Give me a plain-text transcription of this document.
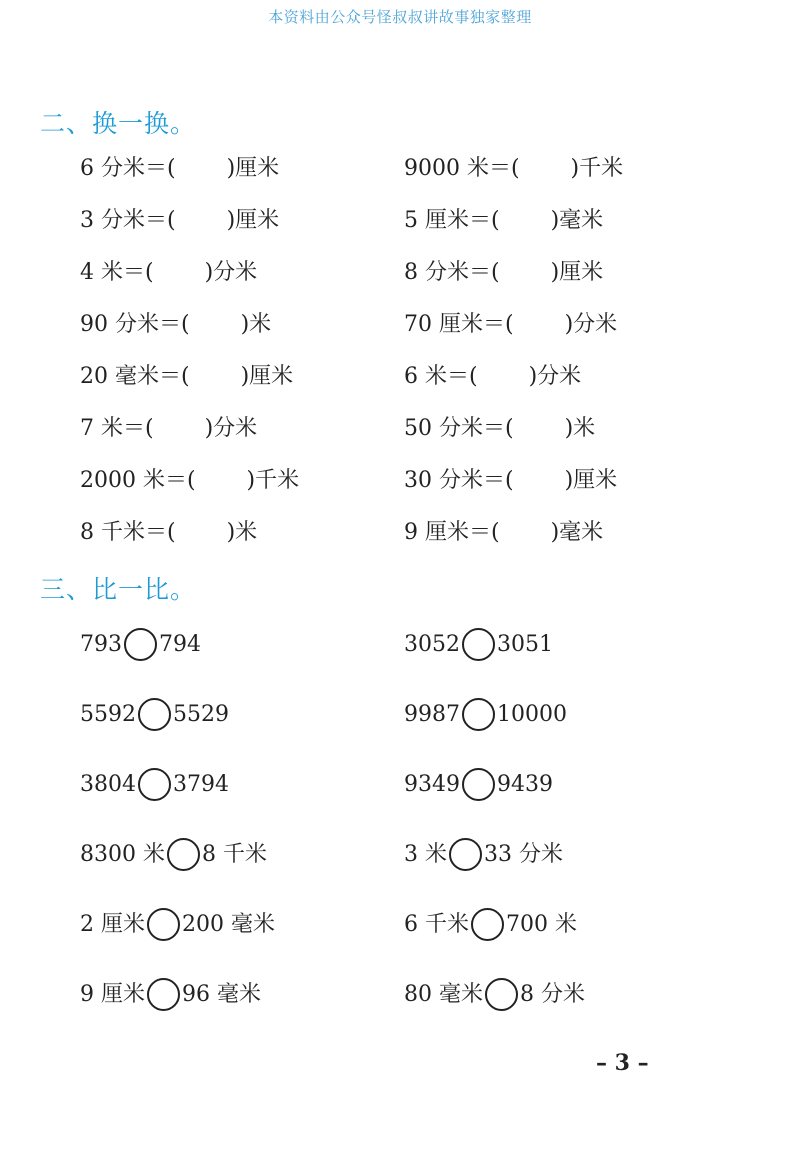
本资料由公众号怪叔叔讲故事独家整理
二、换一换。
6 分米＝(　　 )厘米
3 分米＝(　　 )厘米
4 米＝(　　 )分米
90 分米＝(　　 )米
20 毫米＝(　　 )厘米
7 米＝(　　 )分米
2000 米＝(　　 )千米
8 千米＝(　　 )米
9000 米＝(　　 )千米
5 厘米＝(　　 )毫米
8 分米＝(　　 )厘米
70 厘米＝(　　 )分米
6 米＝(　　 )分米
50 分米＝(　　 )米
30 分米＝(　　 )厘米
9 厘米＝(　　 )毫米
三、比一比。
793 794
5592 5529
3804 3794
8300 米 8 千米
2 厘米 200 毫米
9 厘米 96 毫米
3052 3051
9987 10000
9349 9439
3 米 33 分米
6 千米 700 米
80 毫米 8 分米
– 3 –
